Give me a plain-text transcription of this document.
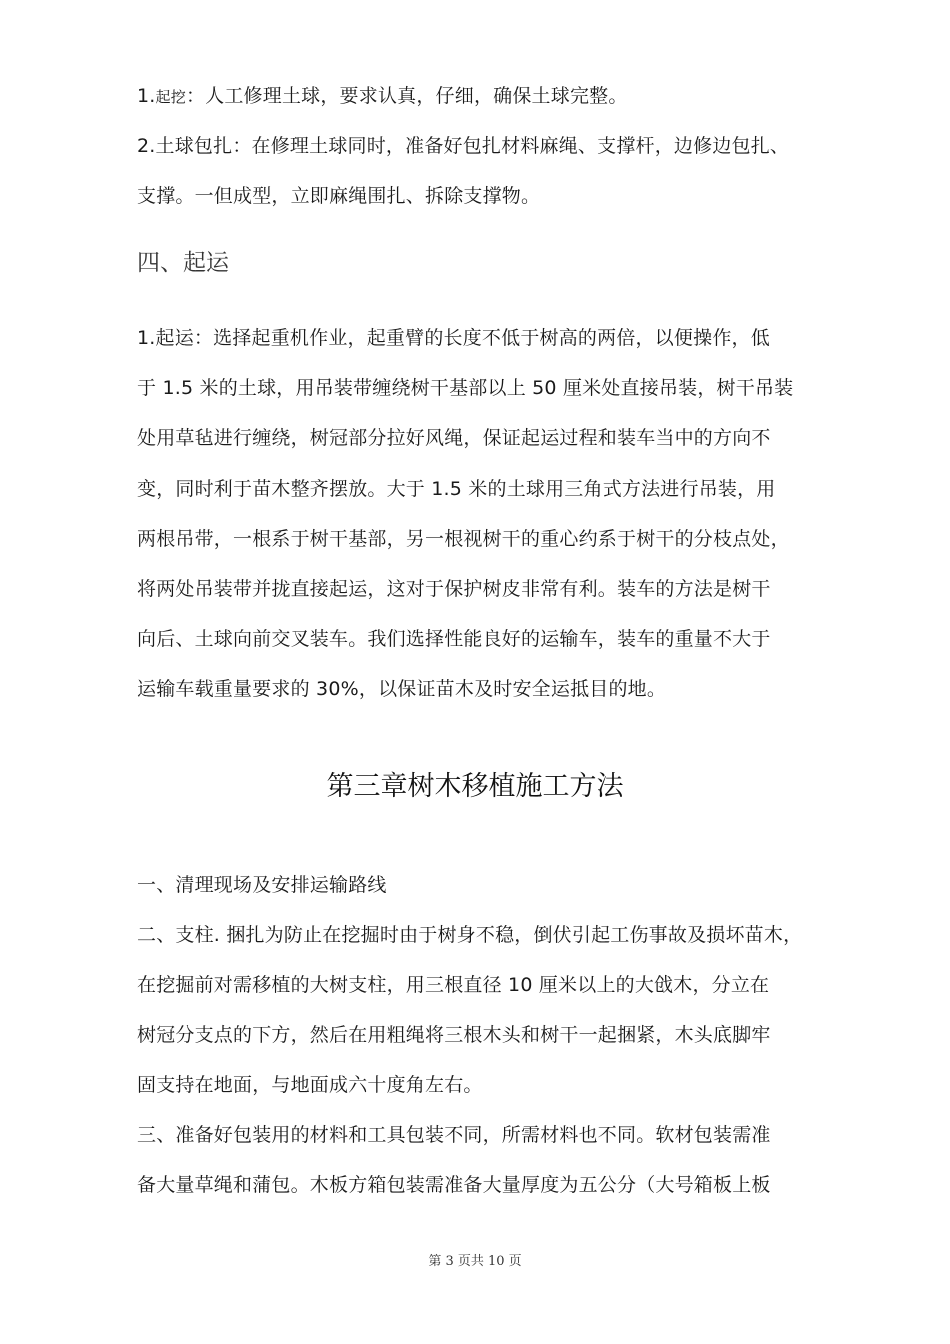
1.起挖：人工修理土球，要求认真，仔细，确保土球完整。
2.土球包扎：在修理土球同时，准备好包扎材料麻绳、支撑杆，边修边包扎、
支撑。一但成型，立即麻绳围扎、拆除支撑物。
四、起运
1.起运：选择起重机作业，起重臂的长度不低于树高的两倍，以便操作，低
于 1.5 米的土球，用吊装带缠绕树干基部以上 50 厘米处直接吊装，树干吊装
处用草毡进行缠绕，树冠部分拉好风绳，保证起运过程和装车当中的方向不
变，同时利于苗木整齐摆放。大于 1.5 米的土球用三角式方法进行吊装，用
两根吊带，一根系于树干基部，另一根视树干的重心约系于树干的分枝点处，
将两处吊装带并拢直接起运，这对于保护树皮非常有利。装车的方法是树干
向后、土球向前交叉装车。我们选择性能良好的运输车，装车的重量不大于
运输车载重量要求的 30%，以保证苗木及时安全运抵目的地。
第三章树木移植施工方法
一、清理现场及安排运输路线
二、支柱. 捆扎为防止在挖掘时由于树身不稳，倒伏引起工伤事故及损坏苗木，
在挖掘前对需移植的大树支柱，用三根直径 10 厘米以上的大戗木，分立在
树冠分支点的下方，然后在用粗绳将三根木头和树干一起捆紧，木头底脚牢
固支持在地面，与地面成六十度角左右。
三、准备好包装用的材料和工具包装不同，所需材料也不同。软材包装需准
备大量草绳和蒲包。木板方箱包装需准备大量厚度为五公分（大号箱板上板
第 3 页共 10 页
